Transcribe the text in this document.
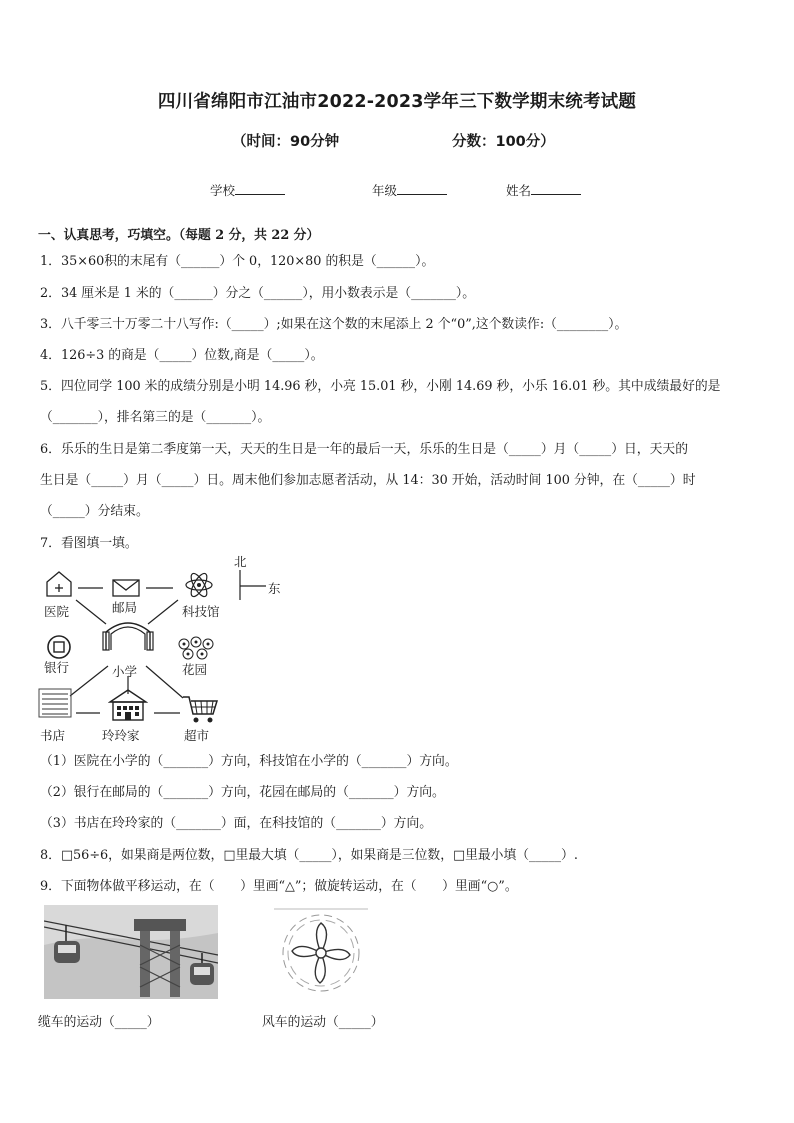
四川省绵阳市江油市2022-2023学年三下数学期末统考试题
（时间：90分钟	分数：100分）
学校	年级	姓名
一、认真思考，巧填空。（每题 2 分，共 22 分）
1．35×60积的末尾有（______）个 0，120×80 的积是（______）。
2．34 厘米是 1 米的（______）分之（______），用小数表示是（_______）。
3．八千零三十万零二十八写作:（_____）;如果在这个数的末尾添上 2 个“0”,这个数读作:（________）。
4．126÷3 的商是（_____）位数,商是（_____）。
5．四位同学 100 米的成绩分别是小明 14.96 秒，小亮 15.01 秒，小刚 14.69 秒，小乐 16.01 秒。其中成绩最好的是
（_______），排名第三的是（_______）。
6．乐乐的生日是第二季度第一天，天天的生日是一年的最后一天，乐乐的生日是（_____）月（_____）日，天天的
生日是（_____）月（_____）日。周末他们参加志愿者活动，从 14：30 开始，活动时间 100 分钟，在（_____）时
（_____）分结束。
7．看图填一填。
北
东
医院	邮局	科技馆
银行	小学	花园
书店	玲玲家	超市
（1）医院在小学的（_______）方向，科技馆在小学的（_______）方向。
（2）银行在邮局的（_______）方向，花园在邮局的（_______）方向。
（3）书店在玲玲家的（_______）面，在科技馆的（_______）方向。
8．□56÷6，如果商是两位数，□里最大填（_____），如果商是三位数，□里最小填（_____）.
9．下面物体做平移运动，在（　　）里画“△”；做旋转运动，在（　　）里画“○”。
缆车的运动（_____）	风车的运动（_____）
